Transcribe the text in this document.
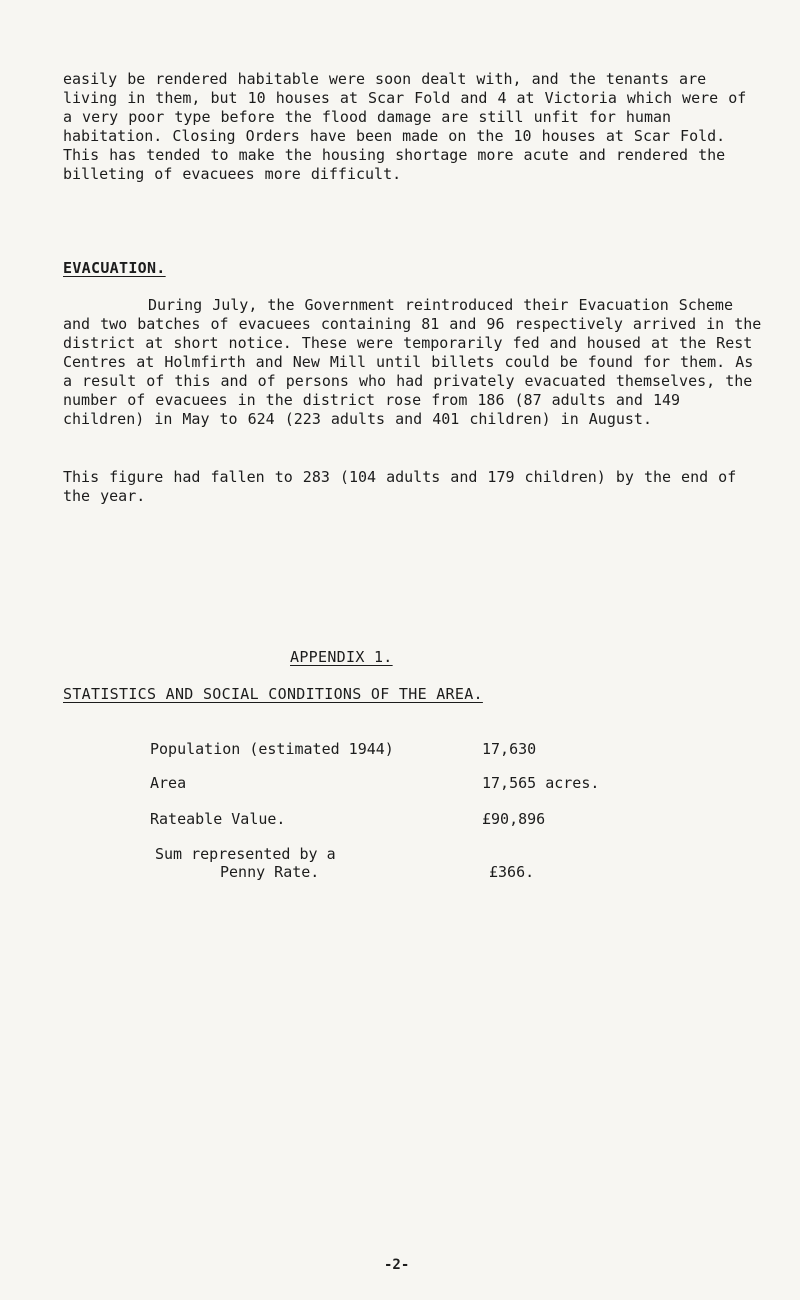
easily be rendered habitable were soon dealt with, and the tenants are living in them, but 10 houses at Scar Fold and 4 at Victoria which were of a very poor type before the flood damage are still unfit for human habitation. Closing Orders have been made on the 10 houses at Scar Fold. This has tended to make the housing shortage more acute and rendered the billeting of evacuees more difficult.

EVACUATION.

During July, the Government reintroduced their Evacuation Scheme and two batches of evacuees containing 81 and 96 respectively arrived in the district at short notice. These were temporarily fed and housed at the Rest Centres at Holmfirth and New Mill until billets could be found for them. As a result of this and of persons who had privately evacuated themselves, the number of evacuees in the district rose from 186 (87 adults and 149 children) in May to 624 (223 adults and 401 children) in August.

This figure had fallen to 283 (104 adults and 179 children) by the end of the year.

APPENDIX 1.
STATISTICS AND SOCIAL CONDITIONS OF THE AREA.
Population (estimated 1944)	17,630
Area	17,565 acres.
Rateable Value.	£90,896
Sum represented by a
Penny Rate.	£366.
-2-
